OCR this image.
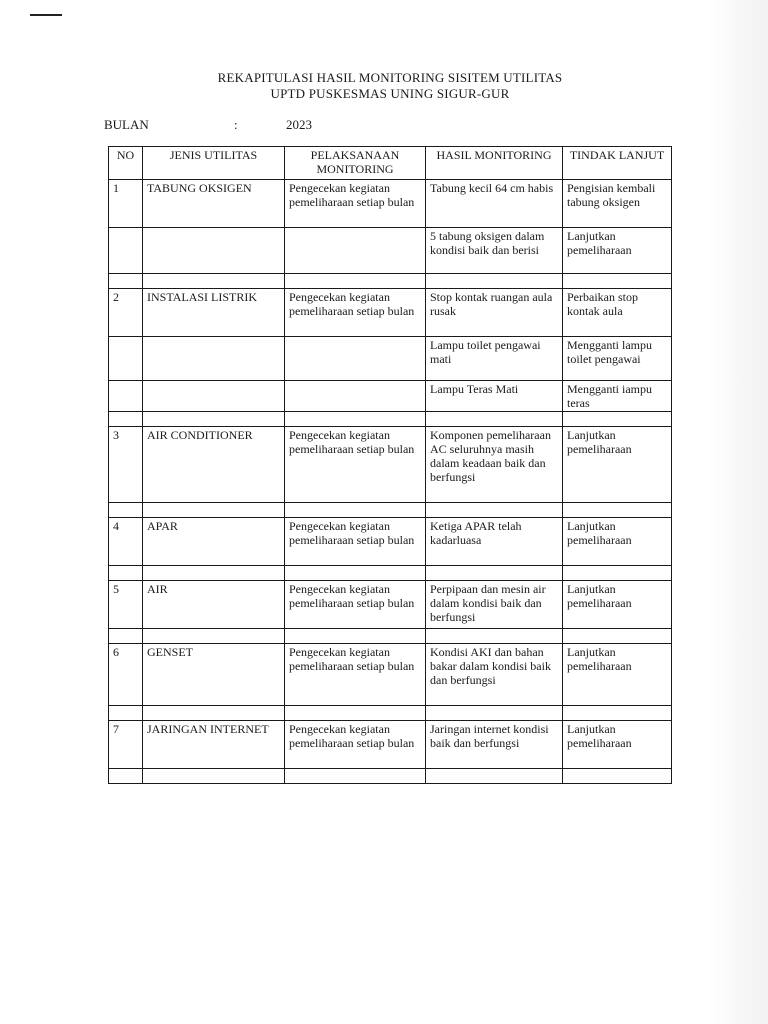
REKAPITULASI HASIL MONITORING SISITEM UTILITAS
UPTD PUSKESMAS UNING SIGUR-GUR
BULAN	:	2023
NO	JENIS UTILITAS	PELAKSANAAN MONITORING	HASIL MONITORING	TINDAK LANJUT
1	TABUNG OKSIGEN	Pengecekan kegiatan pemeliharaan setiap bulan	Tabung kecil 64 cm habis	Pengisian kembali tabung oksigen
			5 tabung oksigen dalam kondisi baik dan berisi	Lanjutkan pemeliharaan

2	INSTALASI LISTRIK	Pengecekan kegiatan pemeliharaan setiap bulan	Stop kontak ruangan aula rusak	Perbaikan stop kontak aula
			Lampu toilet pengawai mati	Mengganti lampu toilet pengawai
			Lampu Teras Mati	Mengganti iampu teras

3	AIR CONDITIONER	Pengecekan kegiatan pemeliharaan setiap bulan	Komponen pemeliharaan AC seluruhnya masih dalam keadaan baik dan berfungsi	Lanjutkan pemeliharaan

4	APAR	Pengecekan kegiatan pemeliharaan setiap bulan	Ketiga APAR telah kadarluasa	Lanjutkan pemeliharaan

5	AIR	Pengecekan kegiatan pemeliharaan setiap bulan	Perpipaan dan mesin air dalam kondisi baik dan berfungsi	Lanjutkan pemeliharaan

6	GENSET	Pengecekan kegiatan pemeliharaan setiap bulan	Kondisi AKI dan bahan bakar dalam kondisi baik dan berfungsi	Lanjutkan pemeliharaan

7	JARINGAN INTERNET	Pengecekan kegiatan pemeliharaan setiap bulan	Jaringan internet kondisi baik dan berfungsi	Lanjutkan pemeliharaan
